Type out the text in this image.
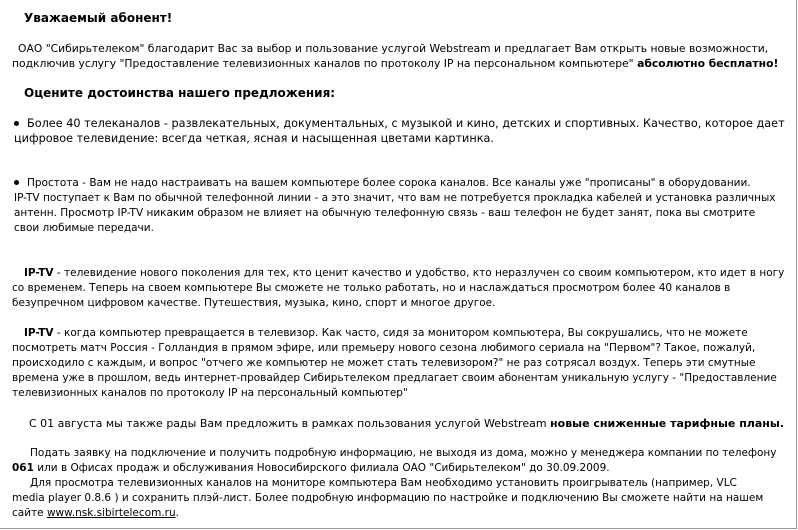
Уважаемый абонент!
ОАО "Сибирьтелеком" благодарит Вас за выбор и пользование услугой Webstream и предлагает Вам открыть новые возможности,
подключив услугу "Предоставление телевизионных каналов по протоколу IP на персональном компьютере" абсолютно бесплатно!
Оцените достоинства нашего предложения:
Более 40 телеканалов - развлекательных, документальных, с музыкой и кино, детских и спортивных. Качество, которое дает
цифровое телевидение: всегда четкая, ясная и насыщенная цветами картинка.
Простота - Вам не надо настраивать на вашем компьютере более сорока каналов. Все каналы уже "прописаны" в оборудовании.
IP-TV поступает к Вам по обычной телефонной линии - а это значит, что вам не потребуется прокладка кабелей и установка различных
антенн. Просмотр IP-TV никаким образом не влияет на обычную телефонную связь - ваш телефон не будет занят, пока вы смотрите
свои любимые передачи.
IP-TV - телевидение нового поколения для тех, кто ценит качество и удобство, кто неразлучен со своим компьютером, кто идет в ногу
со временем. Теперь на своем компьютере Вы сможете не только работать, но и наслаждаться просмотром более 40 каналов в
безупречном цифровом качестве. Путешествия, музыка, кино, спорт и многое другое.
IP-TV - когда компьютер превращается в телевизор. Как часто, сидя за монитором компьютера, Вы сокрушались, что не можете
посмотреть матч Россия - Голландия в прямом эфире, или премьеру нового сезона любимого сериала на "Первом"? Такое, пожалуй,
происходило с каждым, и вопрос "отчего же компьютер не может стать телевизором?" не раз сотрясал воздух. Теперь эти смутные
времена уже в прошлом, ведь интернет-провайдер Сибирьтелеком предлагает своим абонентам уникальную услугу - "Предоставление
телевизионных каналов по протоколу IP на персональный компьютер"
С 01 августа мы также рады Вам предложить в рамках пользования услугой Webstream новые сниженные тарифные планы.
Подать заявку на подключение и получить подробную информацию, не выходя из дома, можно у менеджера компании по телефону
061 или в Офисах продаж и обслуживания Новосибирского филиала ОАО "Сибирьтелеком" до 30.09.2009.
Для просмотра телевизионных каналов на мониторе компьютера Вам необходимо установить проигрыватель (например, VLC
media player 0.8.6 ) и сохранить плэй-лист. Более подробную информацию по настройке и подключению Вы сможете найти на нашем
сайте www.nsk.sibirtelecom.ru.
